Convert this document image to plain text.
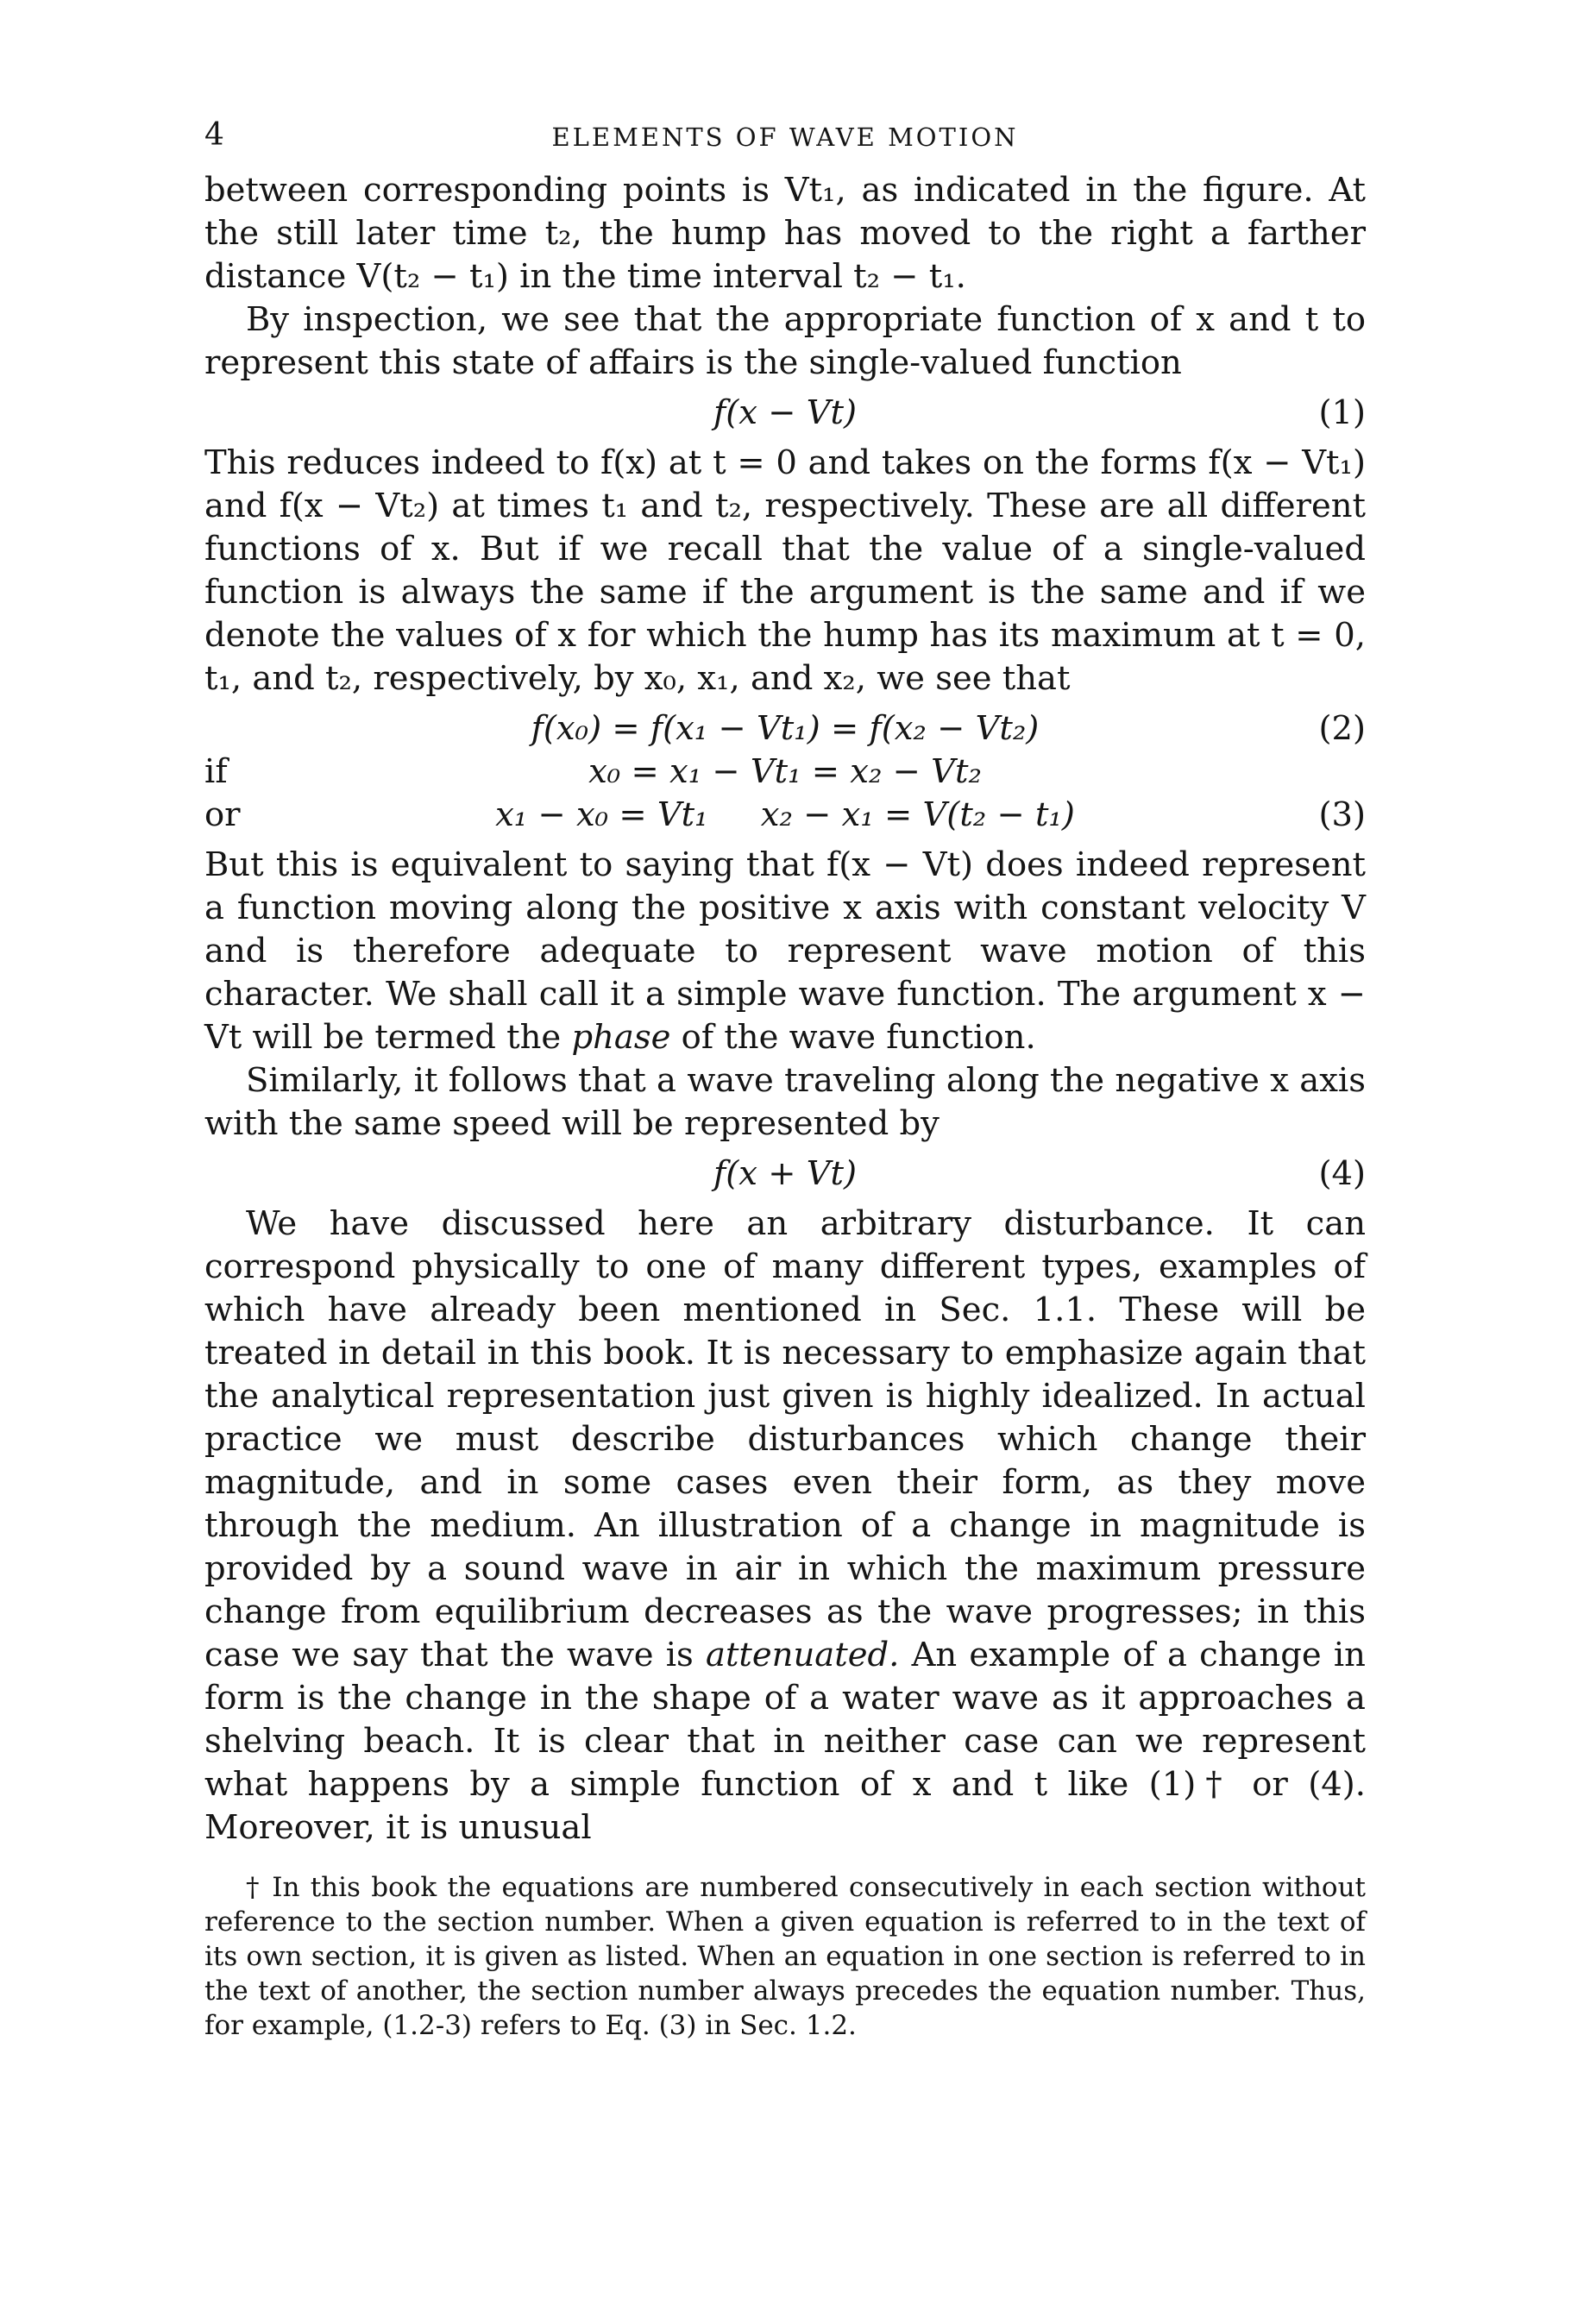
4	ELEMENTS OF WAVE MOTION

between corresponding points is Vt₁, as indicated in the figure. At the still later time t₂, the hump has moved to the right a farther distance V(t₂ − t₁) in the time interval t₂ − t₁.

By inspection, we see that the appropriate function of x and t to represent this state of affairs is the single-valued function

f(x − Vt)	(1)

This reduces indeed to f(x) at t = 0 and takes on the forms f(x − Vt₁) and f(x − Vt₂) at times t₁ and t₂, respectively. These are all different functions of x. But if we recall that the value of a single-valued function is always the same if the argument is the same and if we denote the values of x for which the hump has its maximum at t = 0, t₁, and t₂, respectively, by x₀, x₁, and x₂, we see that

f(x₀) = f(x₁ − Vt₁) = f(x₂ − Vt₂)	(2)
if	x₀ = x₁ − Vt₁ = x₂ − Vt₂
or	x₁ − x₀ = Vt₁     x₂ − x₁ = V(t₂ − t₁)	(3)

But this is equivalent to saying that f(x − Vt) does indeed represent a function moving along the positive x axis with constant velocity V and is therefore adequate to represent wave motion of this character. We shall call it a simple wave function. The argument x − Vt will be termed the phase of the wave function.

Similarly, it follows that a wave traveling along the negative x axis with the same speed will be represented by

f(x + Vt)	(4)

We have discussed here an arbitrary disturbance. It can correspond physically to one of many different types, examples of which have already been mentioned in Sec. 1.1. These will be treated in detail in this book. It is necessary to emphasize again that the analytical representation just given is highly idealized. In actual practice we must describe disturbances which change their magnitude, and in some cases even their form, as they move through the medium. An illustration of a change in magnitude is provided by a sound wave in air in which the maximum pressure change from equilibrium decreases as the wave progresses; in this case we say that the wave is attenuated. An example of a change in form is the change in the shape of a water wave as it approaches a shelving beach. It is clear that in neither case can we represent what happens by a simple function of x and t like (1)† or (4). Moreover, it is unusual

† In this book the equations are numbered consecutively in each section without reference to the section number. When a given equation is referred to in the text of its own section, it is given as listed. When an equation in one section is referred to in the text of another, the section number always precedes the equation number. Thus, for example, (1.2-3) refers to Eq. (3) in Sec. 1.2.
